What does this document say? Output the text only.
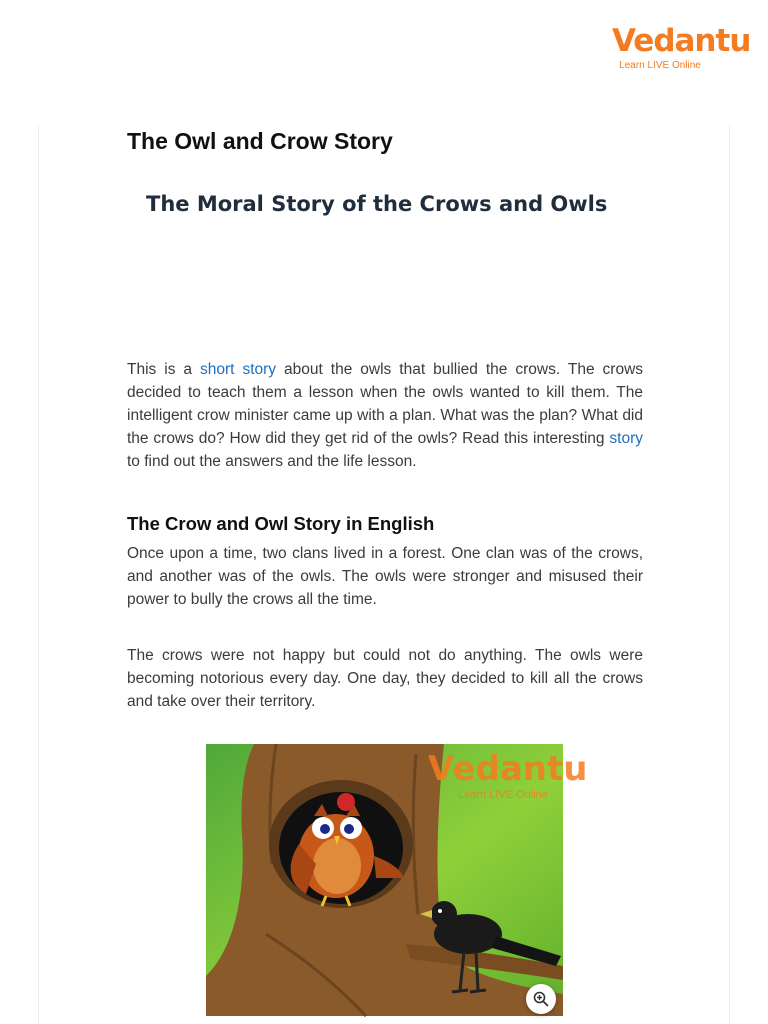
Vedantu
Learn LIVE Online
The Owl and Crow Story
The Moral Story of the Crows and Owls

This is a short story about the owls that bullied the crows. The crows decided to teach them a lesson when the owls wanted to kill them. The intelligent crow minister came up with a plan. What was the plan? What did the crows do? How did they get rid of the owls? Read this interesting story to find out the answers and the life lesson.

The Crow and Owl Story in English

Once upon a time, two clans lived in a forest. One clan was of the crows, and another was of the owls. The owls were stronger and misused their power to bully the crows all the time.

The crows were not happy but could not do anything. The owls were becoming notorious every day. One day, they decided to kill all the crows and take over their territory.

Vedantu
Learn LIVE Online
